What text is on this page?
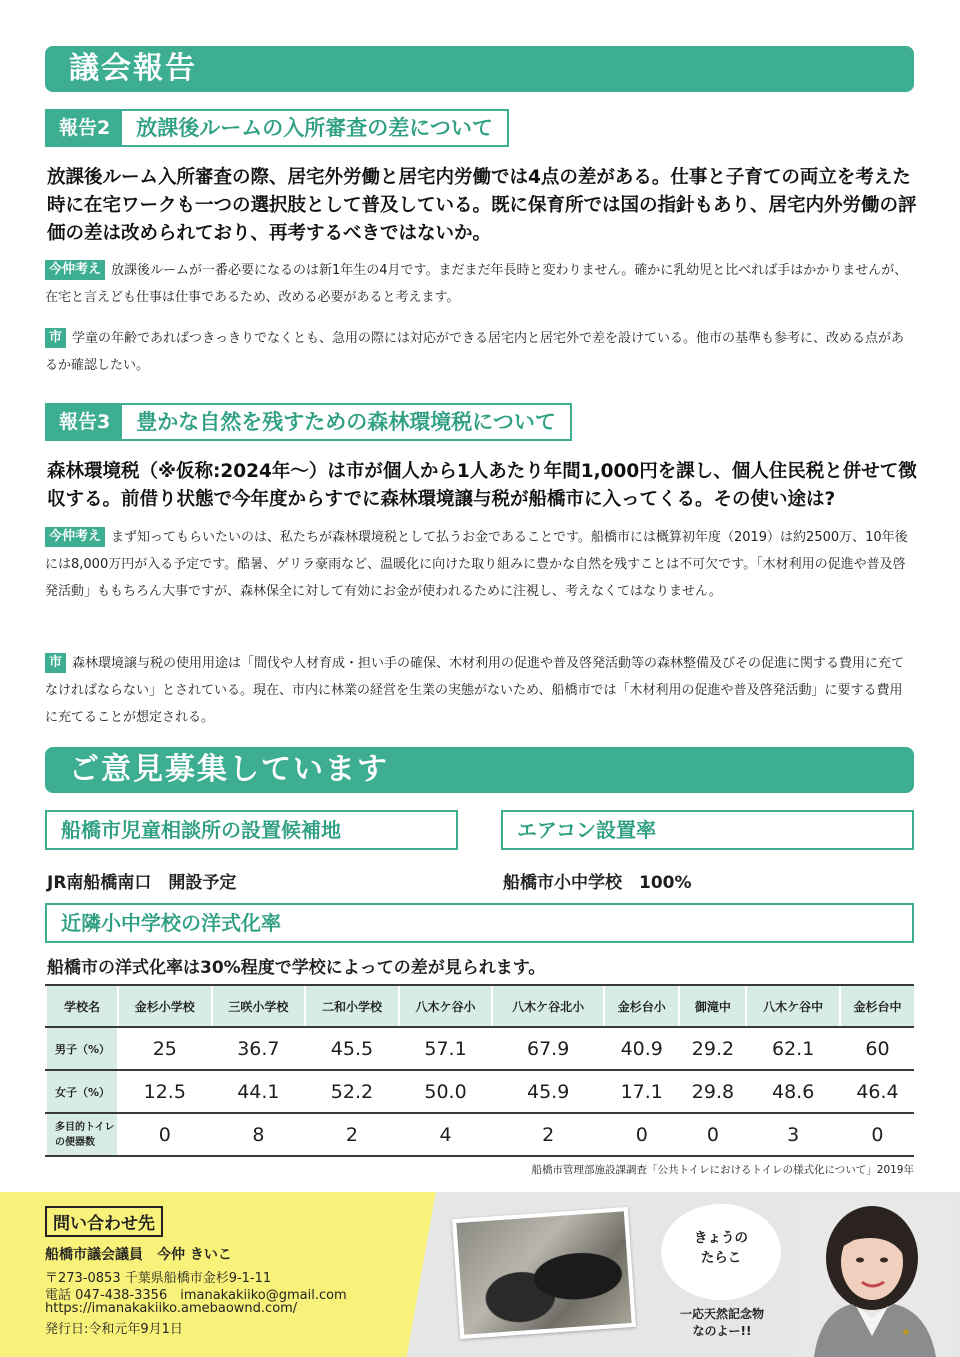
議会報告
報告2	放課後ルームの入所審査の差について
放課後ルーム入所審査の際、居宅外労働と居宅内労働では4点の差がある。仕事と子育ての両立を考えた時に在宅ワークも一つの選択肢として普及している。既に保育所では国の指針もあり、居宅内外労働の評価の差は改められており、再考するべきではないか。
今仲考え 放課後ルームが一番必要になるのは新1年生の4月です。まだまだ年長時と変わりません。確かに乳幼児と比べれば手はかかりませんが、在宅と言えども仕事は仕事であるため、改める必要があると考えます。
市 学童の年齢であればつきっきりでなくとも、急用の際には対応ができる居宅内と居宅外で差を設けている。他市の基準も参考に、改める点があるか確認したい。
報告3	豊かな自然を残すための森林環境税について
森林環境税（※仮称:2024年〜）は市が個人から1人あたり年間1,000円を課し、個人住民税と併せて徴収する。前借り状態で今年度からすでに森林環境譲与税が船橋市に入ってくる。その使い途は?
今仲考え まず知ってもらいたいのは、私たちが森林環境税として払うお金であることです。船橋市には概算初年度（2019）は約2500万、10年後には8,000万円が入る予定です。酷暑、ゲリラ豪雨など、温暖化に向けた取り組みに豊かな自然を残すことは不可欠です。「木材利用の促進や普及啓発活動」ももちろん大事ですが、森林保全に対して有効にお金が使われるために注視し、考えなくてはなりません。
市 森林環境譲与税の使用用途は「間伐や人材育成・担い手の確保、木材利用の促進や普及啓発活動等の森林整備及びその促進に関する費用に充てなければならない」とされている。現在、市内に林業の経営を生業の実態がないため、船橋市では「木材利用の促進や普及啓発活動」に要する費用に充てることが想定される。
ご意見募集しています
船橋市児童相談所の設置候補地
JR南船橋南口　開設予定
エアコン設置率
船橋市小中学校　100%
近隣小中学校の洋式化率
船橋市の洋式化率は30%程度で学校によっての差が見られます。
学校名	金杉小学校	三咲小学校	二和小学校	八木ケ谷小	八木ケ谷北小	金杉台小	御滝中	八木ケ谷中	金杉台中
男子（%）	25	36.7	45.5	57.1	67.9	40.9	29.2	62.1	60
女子（%）	12.5	44.1	52.2	50.0	45.9	17.1	29.8	48.6	46.4
多目的トイレの便器数	0	8	2	4	2	0	0	3	0
船橋市管理部施設課調査「公共トイレにおけるトイレの様式化について」2019年
問い合わせ先
船橋市議会議員　今仲 きいこ
〒273-0853 千葉県船橋市金杉9-1-11
電話 047-438-3356　imanakakiiko@gmail.com
https://imanakakiiko.amebaownd.com/
発行日:令和元年9月1日
きょうの
たらこ
一応天然記念物
なのよー!!
